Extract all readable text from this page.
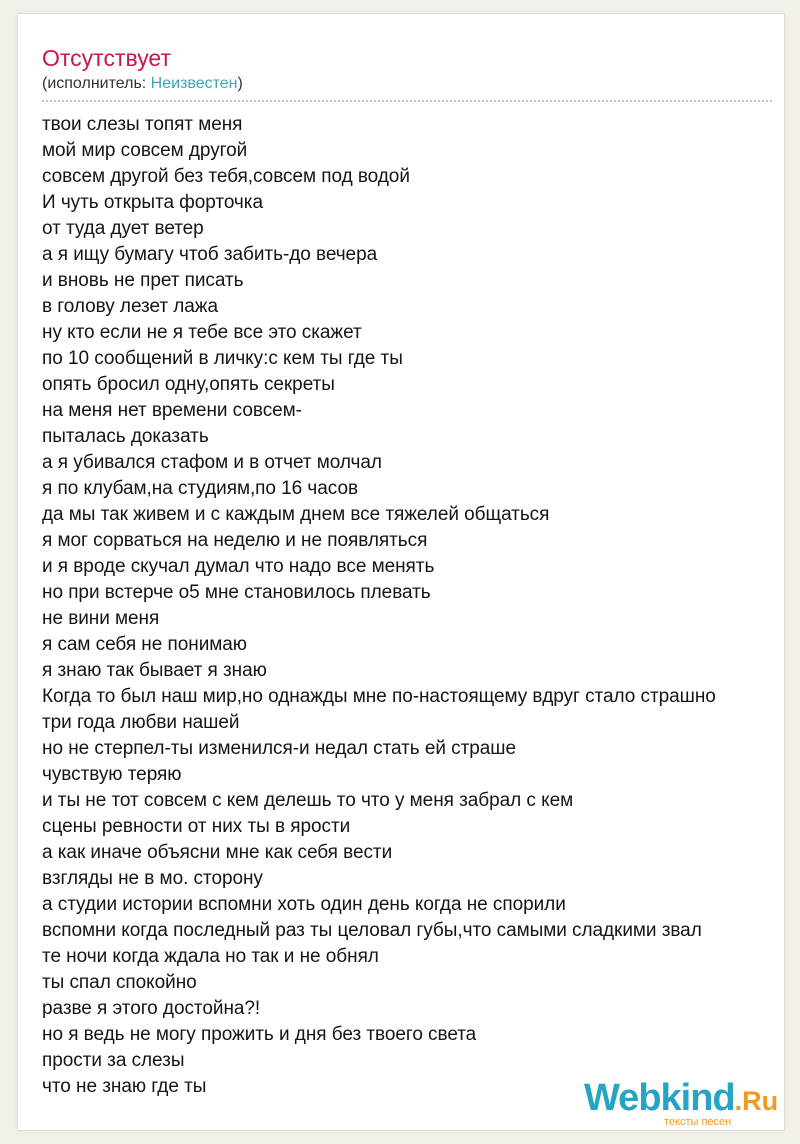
Отсутствует
(исполнитель: Неизвестен)
твои слезы топят меня
мой мир совсем другой
совсем другой без тебя,совсем под водой
И чуть открыта форточка
от туда дует ветер
а я ищу бумагу чтоб забить-до вечера
и вновь не прет писать
в голову лезет лажа
ну кто если не я тебе все это скажет
по 10 сообщений в личку:с кем ты где ты
опять бросил одну,опять секреты
на меня нет времени совсем-
пыталась доказать
а я убивался стафом и в отчет молчал
я по клубам,на студиям,по 16 часов
да мы так живем и с каждым днем все тяжелей общаться
я мог сорваться на неделю и не появляться
и я вроде скучал думал что надо все менять
но при встерче о5 мне становилось плевать
не вини меня
я сам себя не понимаю
я знаю так бывает я знаю
Когда то был наш мир,но однажды мне по-настоящему вдруг стало страшно
три года любви нашей
но не стерпел-ты изменился-и недал стать ей страше
чувствую теряю
и ты не тот совсем с кем делешь то что у меня забрал с кем
сцены ревности от них ты в ярости
а как иначе объясни мне как себя вести
взгляды не в мо. сторону
а студии истории вспомни хоть один день когда не спорили
вспомни когда последный раз ты целовал губы,что самыми сладкими звал
те ночи когда ждала но так и не обнял
ты спал спокойно
разве я этого достойна?!
но я ведь не могу прожить и дня без твоего света
прости за слезы
что не знаю где ты	Webkind.Ru
тексты песен
